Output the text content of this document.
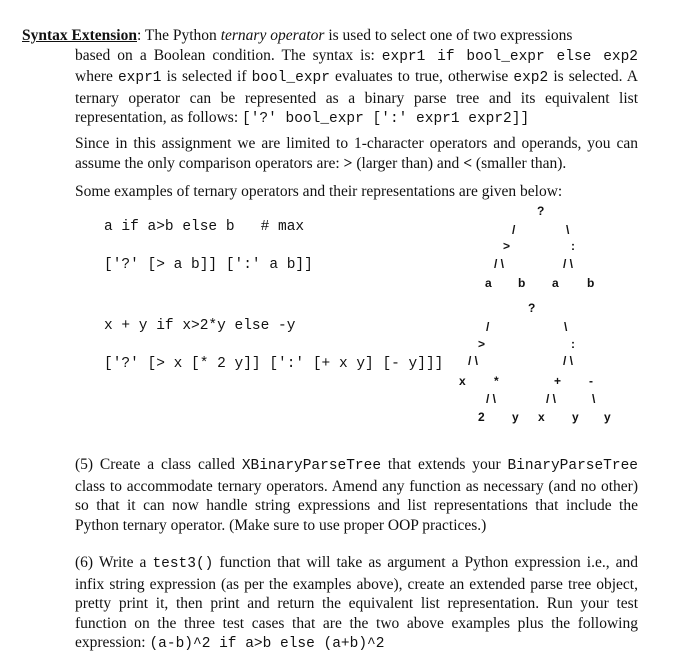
Syntax Extension: The Python ternary operator is used to select one of two expressions
based on a Boolean condition. The syntax is: expr1 if bool_expr else exp2 where expr1 is selected if bool_expr evaluates to true, otherwise exp2 is selected. A ternary operator can be represented as a binary parse tree and its equivalent list representation, as follows: ['?' bool_expr [':' expr1 expr2]]
Since in this assignment we are limited to 1-character operators and operands, you can assume the only comparison operators are: > (larger than) and < (smaller than).
Some examples of ternary operators and their representations are given below:
a if a>b else b   # max
['?' [> a b]] [':' a b]]
x + y if x>2*y else -y
['?' [> x [* 2 y]] [':' [+ x y] [- y]]]

?

/

	\

>

	:

/ \

	/ \

a

b

a

b

?

/

	\

>

	:

/ \

	/ \

x

*

	+

-

/ \

	/ \

	\

2

y

x

y

y

(5) Create a class called XBinaryParseTree that extends your BinaryParseTree class to accommodate ternary operators. Amend any function as necessary (and no other) so that it can now handle string expressions and list representations that include the Python ternary operator. (Make sure to use proper OOP practices.)
(6) Write a test3() function that will take as argument a Python expression i.e., and infix string expression (as per the examples above), create an extended parse tree object, pretty print it, then print and return the equivalent list representation. Run your test function on the three test cases that are the two above examples plus the following expression: (a-b)^2 if a>b else (a+b)^2
